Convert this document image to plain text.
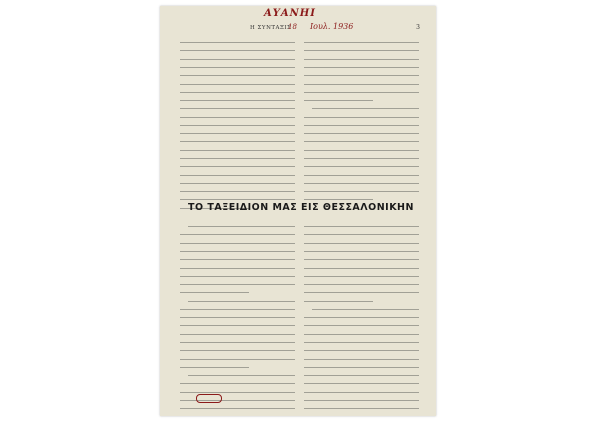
ΑΥΑΝΗΙ
Η ΣΥΝΤΑΞΙΣ
18 Ιουλ. 1936	3
ΤΟ ΤΑΞΕΙΔΙΟΝ ΜΑΣ ΕΙΣ ΘΕΣΣΑΛΟΝΙΚΗΝ
